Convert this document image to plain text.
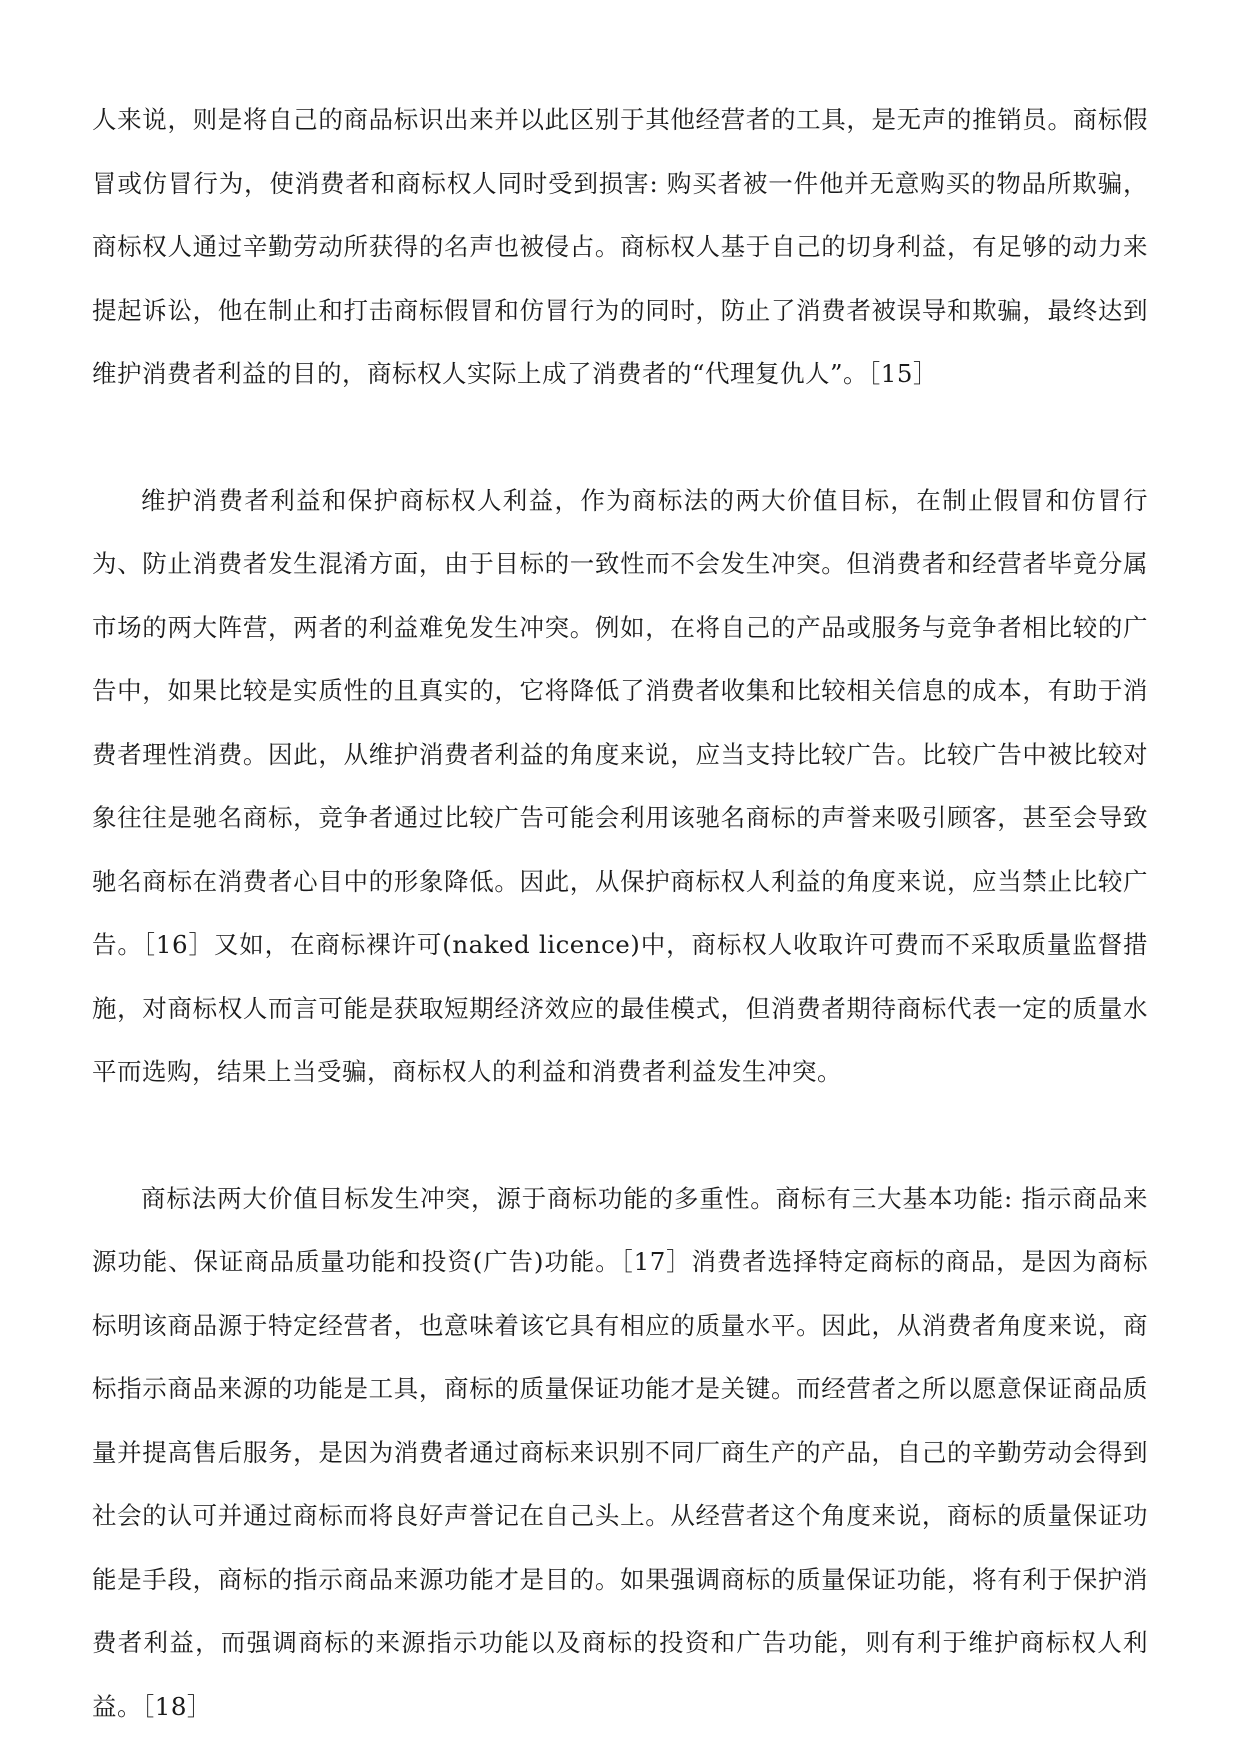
人来说，则是将自己的商品标识出来并以此区别于其他经营者的工具，是无声的推销员。商标假冒或仿冒行为，使消费者和商标权人同时受到损害: 购买者被一件他并无意购买的物品所欺骗，商标权人通过辛勤劳动所获得的名声也被侵占。商标权人基于自己的切身利益，有足够的动力来提起诉讼，他在制止和打击商标假冒和仿冒行为的同时，防止了消费者被误导和欺骗，最终达到维护消费者利益的目的，商标权人实际上成了消费者的“代理复仇人”。［15］

维护消费者利益和保护商标权人利益，作为商标法的两大价值目标，在制止假冒和仿冒行为、防止消费者发生混淆方面，由于目标的一致性而不会发生冲突。但消费者和经营者毕竟分属市场的两大阵营，两者的利益难免发生冲突。例如，在将自己的产品或服务与竞争者相比较的广告中，如果比较是实质性的且真实的，它将降低了消费者收集和比较相关信息的成本，有助于消费者理性消费。因此，从维护消费者利益的角度来说，应当支持比较广告。比较广告中被比较对象往往是驰名商标，竞争者通过比较广告可能会利用该驰名商标的声誉来吸引顾客，甚至会导致驰名商标在消费者心目中的形象降低。因此，从保护商标权人利益的角度来说，应当禁止比较广告。［16］又如，在商标裸许可(naked licence)中，商标权人收取许可费而不采取质量监督措施，对商标权人而言可能是获取短期经济效应的最佳模式，但消费者期待商标代表一定的质量水平而选购，结果上当受骗，商标权人的利益和消费者利益发生冲突。

商标法两大价值目标发生冲突，源于商标功能的多重性。商标有三大基本功能: 指示商品来源功能、保证商品质量功能和投资(广告)功能。［17］消费者选择特定商标的商品，是因为商标标明该商品源于特定经营者，也意味着该它具有相应的质量水平。因此，从消费者角度来说，商标指示商品来源的功能是工具，商标的质量保证功能才是关键。而经营者之所以愿意保证商品质量并提高售后服务，是因为消费者通过商标来识别不同厂商生产的产品，自己的辛勤劳动会得到社会的认可并通过商标而将良好声誉记在自己头上。从经营者这个角度来说，商标的质量保证功能是手段，商标的指示商品来源功能才是目的。如果强调商标的质量保证功能，将有利于保护消费者利益，而强调商标的来源指示功能以及商标的投资和广告功能，则有利于维护商标权人利益。［18］
